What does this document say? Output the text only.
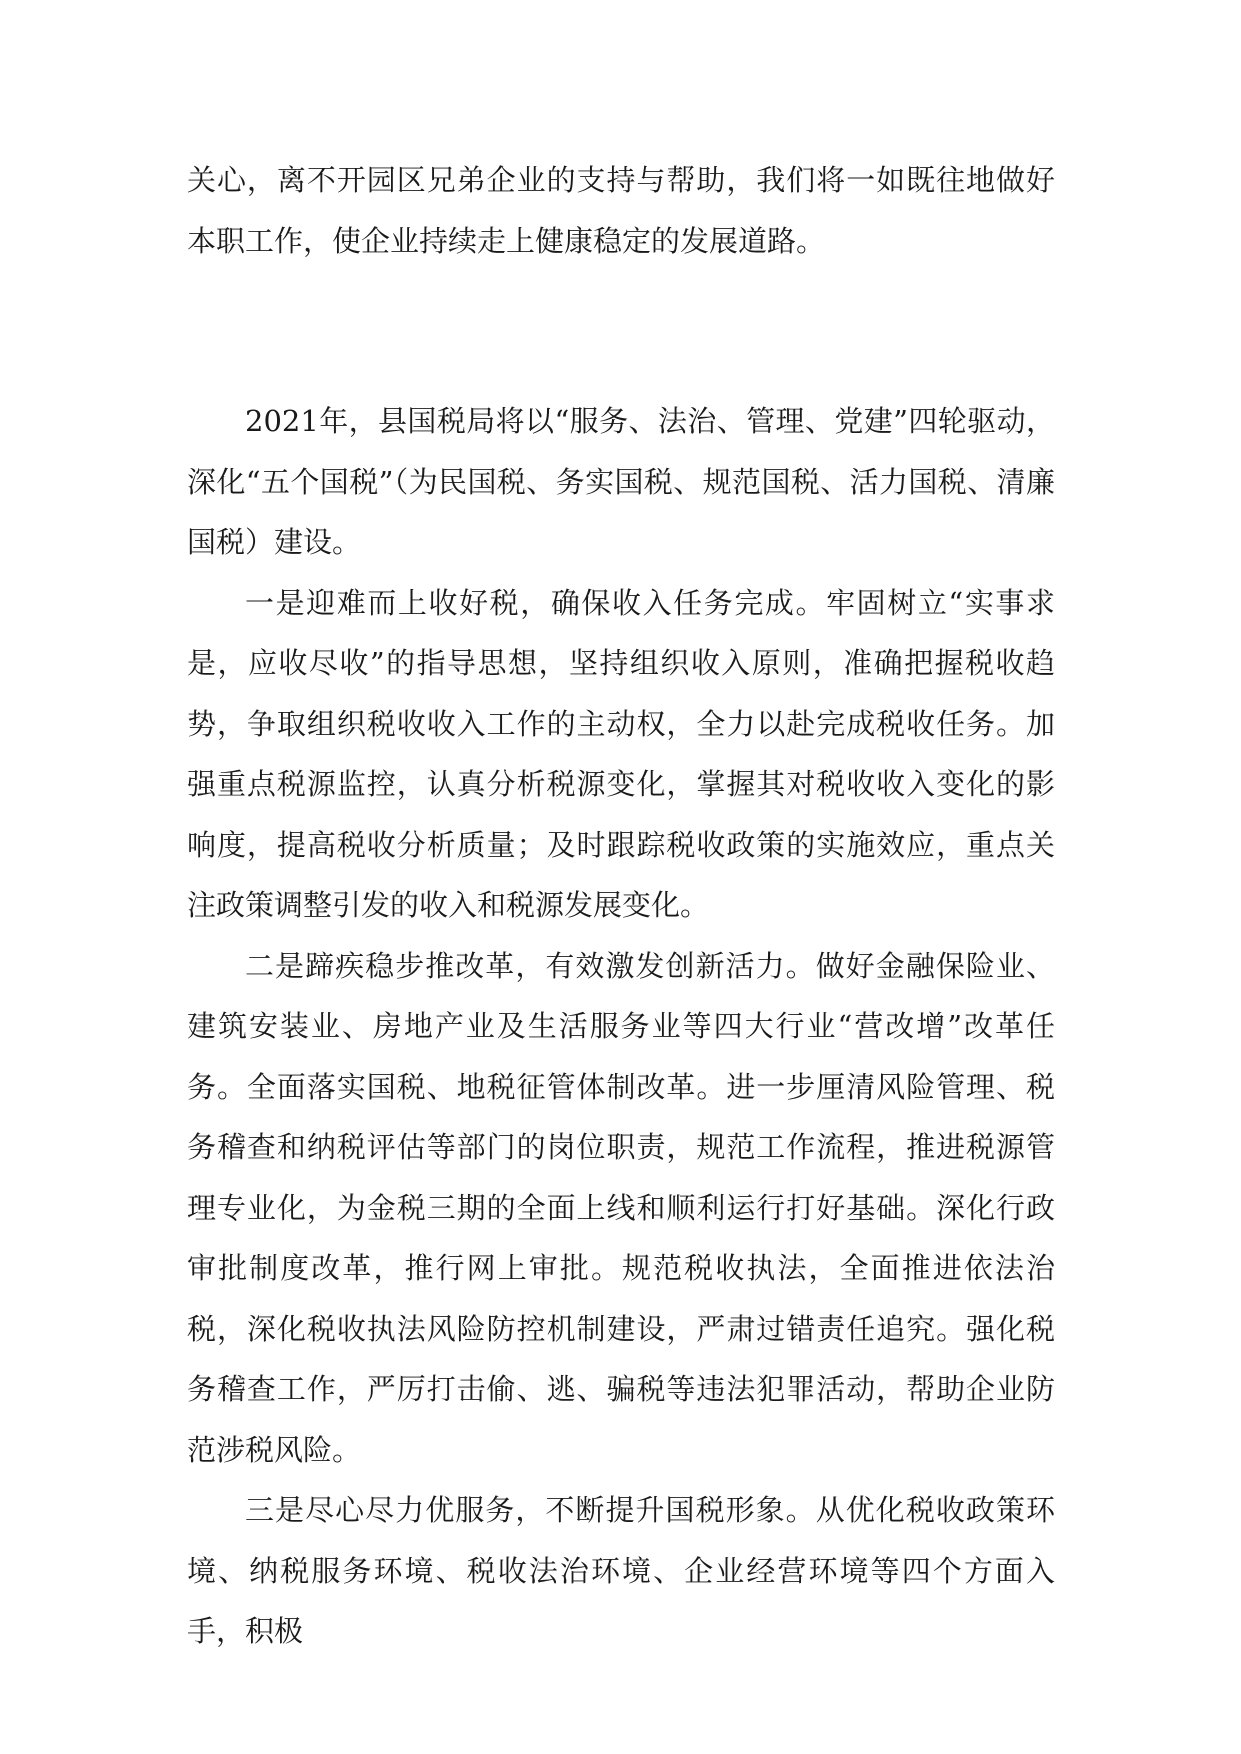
关心，离不开园区兄弟企业的支持与帮助，我们将一如既往地做好本职工作，使企业持续走上健康稳定的发展道路。

2021年，县国税局将以“服务、法治、管理、党建”四轮驱动，深化“五个国税”（为民国税、务实国税、规范国税、活力国税、清廉国税）建设。

一是迎难而上收好税，确保收入任务完成。牢固树立“实事求是，应收尽收”的指导思想，坚持组织收入原则，准确把握税收趋势，争取组织税收收入工作的主动权，全力以赴完成税收任务。加强重点税源监控，认真分析税源变化，掌握其对税收收入变化的影响度，提高税收分析质量；及时跟踪税收政策的实施效应，重点关注政策调整引发的收入和税源发展变化。

二是蹄疾稳步推改革，有效激发创新活力。做好金融保险业、建筑安装业、房地产业及生活服务业等四大行业“营改增”改革任务。全面落实国税、地税征管体制改革。进一步厘清风险管理、税务稽查和纳税评估等部门的岗位职责，规范工作流程，推进税源管理专业化，为金税三期的全面上线和顺利运行打好基础。深化行政审批制度改革，推行网上审批。规范税收执法，全面推进依法治税，深化税收执法风险防控机制建设，严肃过错责任追究。强化税务稽查工作，严厉打击偷、逃、骗税等违法犯罪活动，帮助企业防范涉税风险。

三是尽心尽力优服务，不断提升国税形象。从优化税收政策环境、纳税服务环境、税收法治环境、企业经营环境等四个方面入手，积极
